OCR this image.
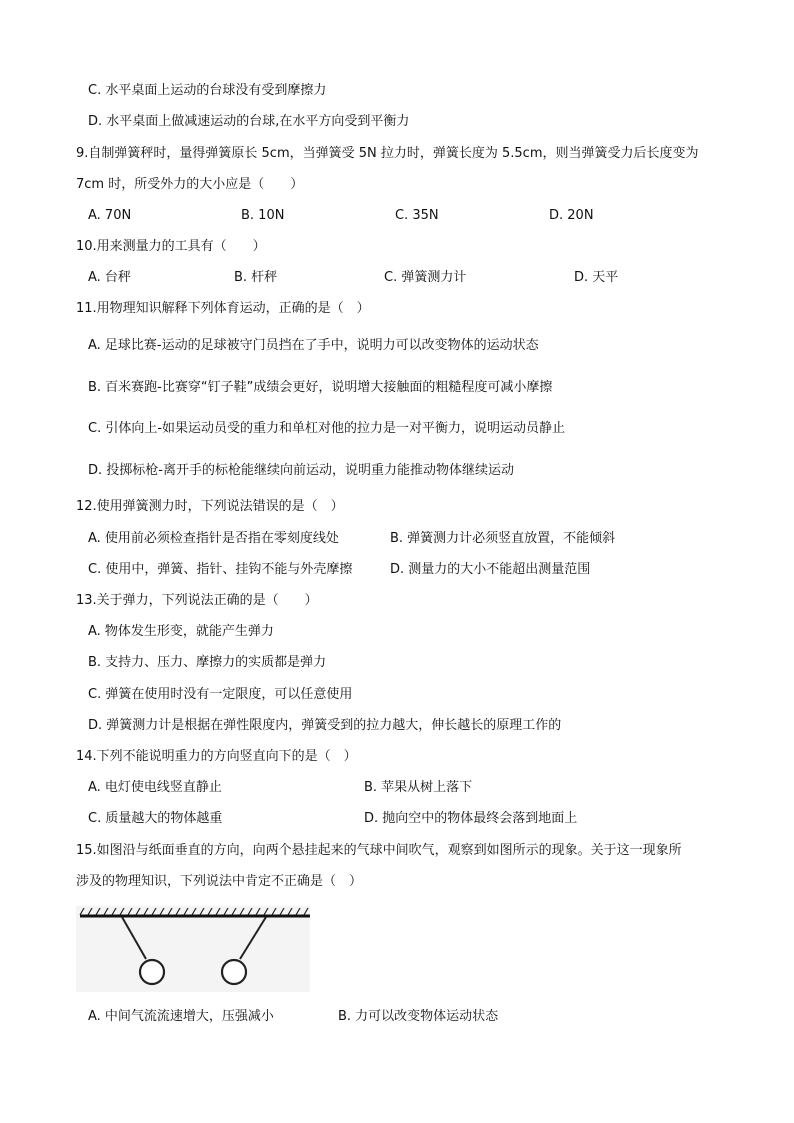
C. 水平桌面上运动的台球没有受到摩擦力
D. 水平桌面上做减速运动的台球,在水平方向受到平衡力
9.自制弹簧秤时，量得弹簧原长 5cm，当弹簧受 5N 拉力时，弹簧长度为 5.5cm，则当弹簧受力后长度变为
7cm 时，所受外力的大小应是（　　）
A. 70N	B. 10N	C. 35N	D. 20N
10.用来测量力的工具有（　　）
A. 台秤	B. 杆秤	C. 弹簧测力计	D. 天平
11.用物理知识解释下列体育运动，正确的是（　）
A. 足球比赛-运动的足球被守门员挡在了手中，说明力可以改变物体的运动状态
B. 百米赛跑-比赛穿“钉子鞋”成绩会更好，说明增大接触面的粗糙程度可减小摩擦
C. 引体向上-如果运动员受的重力和单杠对他的拉力是一对平衡力，说明运动员静止
D. 投掷标枪-离开手的标枪能继续向前运动，说明重力能推动物体继续运动
12.使用弹簧测力时，下列说法错误的是（　）
A. 使用前必须检查指针是否指在零刻度线处	B. 弹簧测力计必须竖直放置，不能倾斜
C. 使用中，弹簧、指针、挂钩不能与外壳摩擦	D. 测量力的大小不能超出测量范围
13.关于弹力，下列说法正确的是（　　）
A. 物体发生形变，就能产生弹力
B. 支持力、压力、摩擦力的实质都是弹力
C. 弹簧在使用时没有一定限度，可以任意使用
D. 弹簧测力计是根据在弹性限度内，弹簧受到的拉力越大，伸长越长的原理工作的
14.下列不能说明重力的方向竖直向下的是（　）
A. 电灯使电线竖直静止	B. 苹果从树上落下
C. 质量越大的物体越重	D. 抛向空中的物体最终会落到地面上
15.如图沿与纸面垂直的方向，向两个悬挂起来的气球中间吹气，观察到如图所示的现象。关于这一现象所
涉及的物理知识，下列说法中肯定不正确是（　）
A. 中间气流流速增大，压强减小	B. 力可以改变物体运动状态
